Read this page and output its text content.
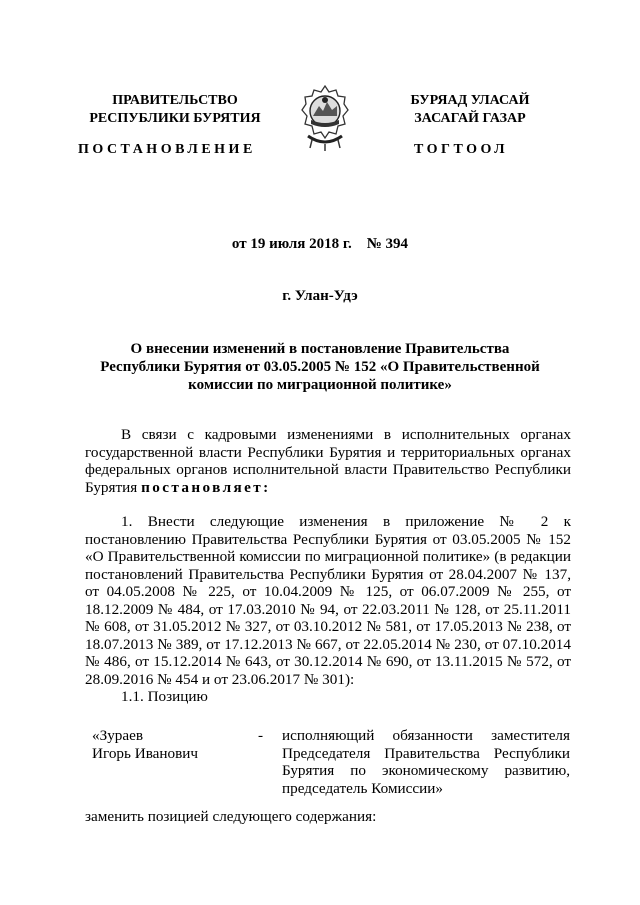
ПРАВИТЕЛЬСТВО
РЕСПУБЛИКИ БУРЯТИЯ
БУРЯАД УЛАСАЙ
ЗАСАГАЙ ГАЗАР
ПОСТАНОВЛЕНИЕ	ТОГТООЛ
от 19 июля 2018 г.    № 394
г. Улан-Удэ
О внесении изменений в постановление Правительства
Республики Бурятия от 03.05.2005 № 152 «О Правительственной
комиссии по миграционной политике»

В связи с кадровыми изменениями в исполнительных органах государственной власти Республики Бурятия и территориальных органах федеральных органов исполнительной власти Правительство Республики Бурятия постановляет:

1. Внести следующие изменения в приложение № 2 к постановлению Правительства Республики Бурятия от 03.05.2005 № 152 «О Правительственной комиссии по миграционной политике» (в редакции постановлений Правительства Республики Бурятия от 28.04.2007 № 137, от 04.05.2008 № 225, от 10.04.2009 № 125, от 06.07.2009 № 255, от 18.12.2009 № 484, от 17.03.2010 № 94, от 22.03.2011 № 128, от 25.11.2011 № 608, от 31.05.2012 № 327, от 03.10.2012 № 581, от 17.05.2013 № 238, от 18.07.2013 № 389, от 17.12.2013 № 667, от 22.05.2014 № 230, от 07.10.2014 № 486, от 15.12.2014 № 643, от 30.12.2014 № 690, от 13.11.2015 № 572, от 28.09.2016 № 454 и от 23.06.2017 № 301):

1.1. Позицию

«Зураев
Игорь Иванович
- исполняющий обязанности заместителя Председателя Правительства Республики Бурятия по экономическому развитию, председатель Комиссии»
заменить позицией следующего содержания:
